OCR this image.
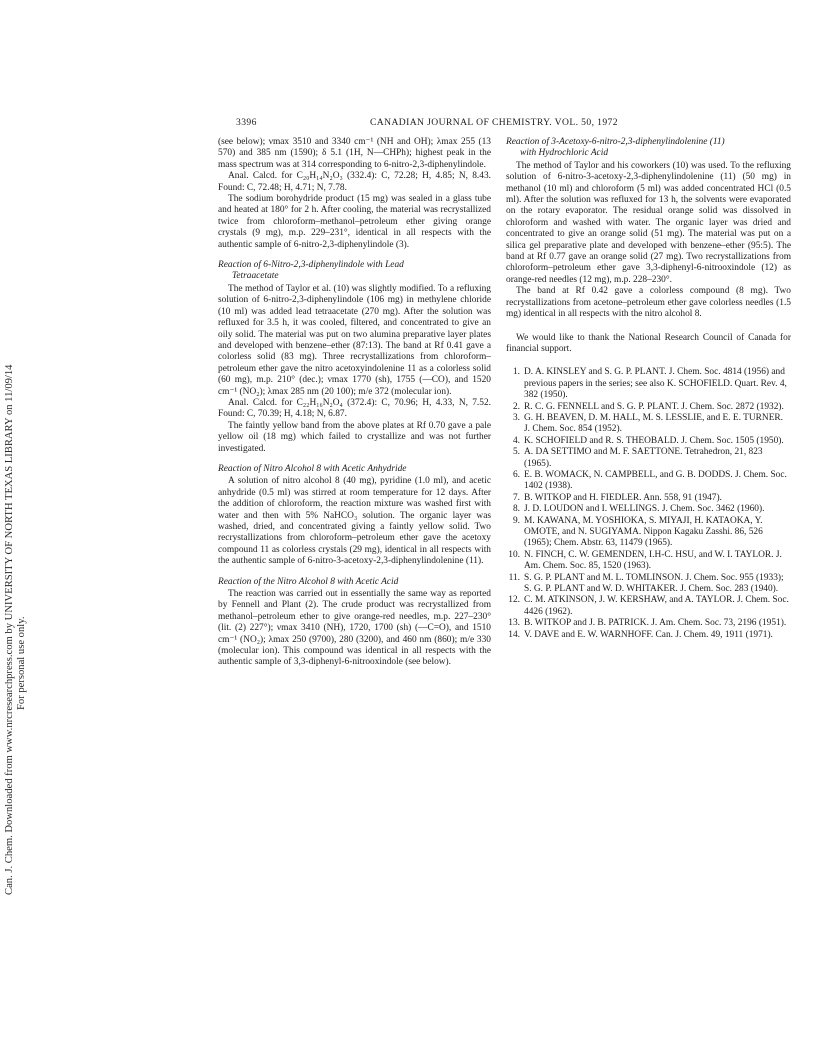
Can. J. Chem. Downloaded from www.nrcresearchpress.com by UNIVERSITY OF NORTH TEXAS LIBRARY on 11/09/14 For personal use only.
3396	CANADIAN JOURNAL OF CHEMISTRY. VOL. 50, 1972

(see below); νmax 3510 and 3340 cm⁻¹ (NH and OH); λmax 255 (13 570) and 385 nm (1590); δ 5.1 (1H, N—CHPh); highest peak in the mass spectrum was at 314 corresponding to 6-nitro-2,3-diphenylindole.

Anal. Calcd. for C₂₀H₁₄N₂O₃ (332.4): C, 72.28; H, 4.85; N, 8.43. Found: C, 72.48; H, 4.71; N, 7.78.

The sodium borohydride product (15 mg) was sealed in a glass tube and heated at 180° for 2 h. After cooling, the material was recrystallized twice from chloroform–methanol–petroleum ether giving orange crystals (9 mg), m.p. 229–231°, identical in all respects with the authentic sample of 6-nitro-2,3-diphenylindole (3).

Reaction of 6-Nitro-2,3-diphenylindole with Lead
Tetraacetate

The method of Taylor et al. (10) was slightly modified. To a refluxing solution of 6-nitro-2,3-diphenylindole (106 mg) in methylene chloride (10 ml) was added lead tetraacetate (270 mg). After the solution was refluxed for 3.5 h, it was cooled, filtered, and concentrated to give an oily solid. The material was put on two alumina preparative layer plates and developed with benzene–ether (87:13). The band at Rf 0.41 gave a colorless solid (83 mg). Three recrystallizations from chloroform–petroleum ether gave the nitro acetoxyindolenine 11 as a colorless solid (60 mg), m.p. 210° (dec.); νmax 1770 (sh), 1755 (—CO), and 1520 cm⁻¹ (NO₂); λmax 285 nm (20 100); m/e 372 (molecular ion).

Anal. Calcd. for C₂₂H₁₆N₂O₄ (372.4): C, 70.96; H, 4.33, N, 7.52. Found: C, 70.39; H, 4.18; N, 6.87.

The faintly yellow band from the above plates at Rf 0.70 gave a pale yellow oil (18 mg) which failed to crystallize and was not further investigated.

Reaction of Nitro Alcohol 8 with Acetic Anhydride

A solution of nitro alcohol 8 (40 mg), pyridine (1.0 ml), and acetic anhydride (0.5 ml) was stirred at room temperature for 12 days. After the addition of chloroform, the reaction mixture was washed first with water and then with 5% NaHCO₃ solution. The organic layer was washed, dried, and concentrated giving a faintly yellow solid. Two recrystallizations from chloroform–petroleum ether gave the acetoxy compound 11 as colorless crystals (29 mg), identical in all respects with the authentic sample of 6-nitro-3-acetoxy-2,3-diphenylindolenine (11).

Reaction of the Nitro Alcohol 8 with Acetic Acid

The reaction was carried out in essentially the same way as reported by Fennell and Plant (2). The crude product was recrystallized from methanol–petroleum ether to give orange-red needles, m.p. 227–230° (lit. (2) 227°); νmax 3410 (NH), 1720, 1700 (sh) (—C=O), and 1510 cm⁻¹ (NO₂); λmax 250 (9700), 280 (3200), and 460 nm (860); m/e 330 (molecular ion). This compound was identical in all respects with the authentic sample of 3,3-diphenyl-6-nitrooxindole (see below).

Reaction of 3-Acetoxy-6-nitro-2,3-diphenylindolenine (11)
with Hydrochloric Acid

The method of Taylor and his coworkers (10) was used. To the refluxing solution of 6-nitro-3-acetoxy-2,3-diphenylindolenine (11) (50 mg) in methanol (10 ml) and chloroform (5 ml) was added concentrated HCl (0.5 ml). After the solution was refluxed for 13 h, the solvents were evaporated on the rotary evaporator. The residual orange solid was dissolved in chloroform and washed with water. The organic layer was dried and concentrated to give an orange solid (51 mg). The material was put on a silica gel preparative plate and developed with benzene–ether (95:5). The band at Rf 0.77 gave an orange solid (27 mg). Two recrystallizations from chloroform–petroleum ether gave 3,3-diphenyl-6-nitrooxindole (12) as orange-red needles (12 mg), m.p. 228–230°.

The band at Rf 0.42 gave a colorless compound (8 mg). Two recrystallizations from acetone–petroleum ether gave colorless needles (1.5 mg) identical in all respects with the nitro alcohol 8.

We would like to thank the National Research Council of Canada for financial support.

1. D. A. KINSLEY and S. G. P. PLANT. J. Chem. Soc. 4814 (1956) and previous papers in the series; see also K. SCHOFIELD. Quart. Rev. 4, 382 (1950).
2. R. C. G. FENNELL and S. G. P. PLANT. J. Chem. Soc. 2872 (1932).
3. G. H. BEAVEN, D. M. HALL, M. S. LESSLIE, and E. E. TURNER. J. Chem. Soc. 854 (1952).
4. K. SCHOFIELD and R. S. THEOBALD. J. Chem. Soc. 1505 (1950).
5. A. DA SETTIMO and M. F. SAETTONE. Tetrahedron, 21, 823 (1965).
6. E. B. WOMACK, N. CAMPBELL, and G. B. DODDS. J. Chem. Soc. 1402 (1938).
7. B. WITKOP and H. FIEDLER. Ann. 558, 91 (1947).
8. J. D. LOUDON and I. WELLINGS. J. Chem. Soc. 3462 (1960).
9. M. KAWANA, M. YOSHIOKA, S. MIYAJI, H. KATAOKA, Y. OMOTE, and N. SUGIYAMA. Nippon Kagaku Zasshi. 86, 526 (1965); Chem. Abstr. 63, 11479 (1965).
10. N. FINCH, C. W. GEMENDEN, I.H-C. HSU, and W. I. TAYLOR. J. Am. Chem. Soc. 85, 1520 (1963).
11. S. G. P. PLANT and M. L. TOMLINSON. J. Chem. Soc. 955 (1933); S. G. P. PLANT and W. D. WHITAKER. J. Chem. Soc. 283 (1940).
12. C. M. ATKINSON, J. W. KERSHAW, and A. TAYLOR. J. Chem. Soc. 4426 (1962).
13. B. WITKOP and J. B. PATRICK. J. Am. Chem. Soc. 73, 2196 (1951).
14. V. DAVE and E. W. WARNHOFF. Can. J. Chem. 49, 1911 (1971).
